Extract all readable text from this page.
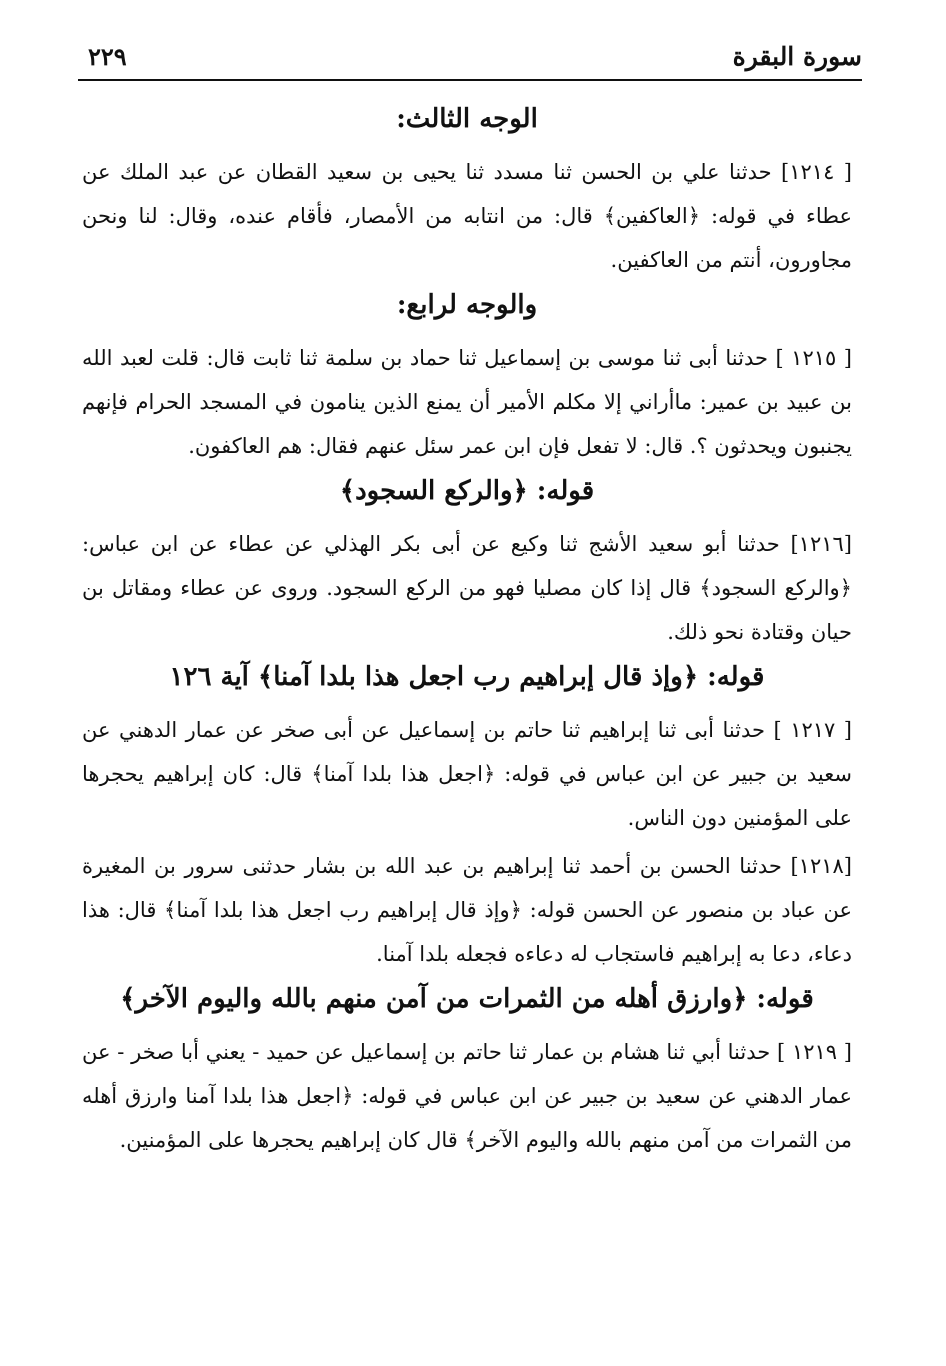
سورة البقرة
٢٢٩
الوجه الثالث:

[ ١٢١٤] حدثنا علي بن الحسن ثنا مسدد ثنا يحيى بن سعيد القطان عن عبد الملك عن عطاء في قوله: ﴿العاكفين﴾ قال: من انتابه من الأمصار، فأقام عنده، وقال: لنا ونحن مجاورون، أنتم من العاكفين.

والوجه لرابع:

[ ١٢١٥ ] حدثنا أبى ثنا موسى بن إسماعيل ثنا حماد بن سلمة ثنا ثابت قال: قلت لعبد الله بن عبيد بن عمير: ماأراني إلا مكلم الأمير أن يمنع الذين ينامون في المسجد الحرام فإنهم يجنبون ويحدثون ؟. قال: لا تفعل فإن ابن عمر سئل عنهم فقال: هم العاكفون.

قوله: ﴿والركع السجود﴾

[١٢١٦] حدثنا أبو سعيد الأشج ثنا وكيع عن أبى بكر الهذلي عن عطاء عن ابن عباس: ﴿والركع السجود﴾ قال إذا كان مصليا فهو من الركع السجود. وروى عن عطاء ومقاتل بن حيان وقتادة نحو ذلك.

قوله: ﴿وإذ قال إبراهيم رب اجعل هذا بلدا آمنا﴾ آية ١٢٦

[ ١٢١٧ ] حدثنا أبى ثنا إبراهيم ثنا حاتم بن إسماعيل عن أبى صخر عن عمار الدهني عن سعيد بن جبير عن ابن عباس في قوله: ﴿اجعل هذا بلدا آمنا﴾ قال: كان إبراهيم يحجرها على المؤمنين دون الناس.

[١٢١٨] حدثنا الحسن بن أحمد ثنا إبراهيم بن عبد الله بن بشار حدثنى سرور بن المغيرة عن عباد بن منصور عن الحسن قوله: ﴿وإذ قال إبراهيم رب اجعل هذا بلدا آمنا﴾ قال: هذا دعاء، دعا به إبراهيم فاستجاب له دعاءه فجعله بلدا آمنا.

قوله: ﴿وارزق أهله من الثمرات من آمن منهم بالله واليوم الآخر﴾

[ ١٢١٩ ] حدثنا أبي ثنا هشام بن عمار ثنا حاتم بن إسماعيل عن حميد - يعني أبا صخر - عن عمار الدهني عن سعيد بن جبير عن ابن عباس في قوله: ﴿اجعل هذا بلدا آمنا وارزق أهله من الثمرات من آمن منهم بالله واليوم الآخر﴾ قال كان إبراهيم يحجرها على المؤمنين.
